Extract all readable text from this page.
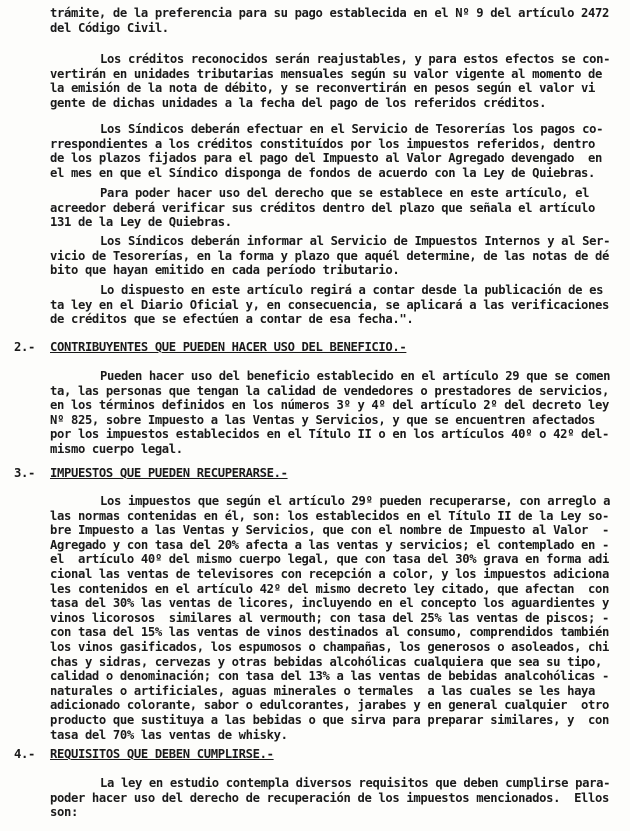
trámite, de la preferencia para su pago establecida en el Nº 9 del artículo 2472
del Código Civil.
Los créditos reconocidos serán reajustables, y para estos efectos se con-
vertirán en unidades tributarias mensuales según su valor vigente al momento de
la emisión de la nota de débito, y se reconvertirán en pesos según el valor vi
gente de dichas unidades a la fecha del pago de los referidos créditos.
Los Síndicos deberán efectuar en el Servicio de Tesorerías los pagos co-
rrespondientes a los créditos constituídos por los impuestos referidos, dentro
de los plazos fijados para el pago del Impuesto al Valor Agregado devengado  en
el mes en que el Síndico disponga de fondos de acuerdo con la Ley de Quiebras.
Para poder hacer uso del derecho que se establece en este artículo, el
acreedor deberá verificar sus créditos dentro del plazo que señala el artículo
131 de la Ley de Quiebras.
Los Síndicos deberán informar al Servicio de Impuestos Internos y al Ser-
vicio de Tesorerías, en la forma y plazo que aquél determine, de las notas de dé
bito que hayan emitido en cada período tributario.
Lo dispuesto en este artículo regirá a contar desde la publicación de es
ta ley en el Diario Oficial y, en consecuencia, se aplicará a las verificaciones
de créditos que se efectúen a contar de esa fecha.".
2.- CONTRIBUYENTES QUE PUEDEN HACER USO DEL BENEFICIO.-
Pueden hacer uso del beneficio establecido en el artículo 29 que se comen
ta, las personas que tengan la calidad de vendedores o prestadores de servicios,
en los términos definidos en los números 3º y 4º del artículo 2º del decreto ley
Nº 825, sobre Impuesto a las Ventas y Servicios, y que se encuentren afectados
por los impuestos establecidos en el Título II o en los artículos 40º o 42º del-
mismo cuerpo legal.
3.- IMPUESTOS QUE PUEDEN RECUPERARSE.-
Los impuestos que según el artículo 29º pueden recuperarse, con arreglo a
las normas contenidas en él, son: los establecidos en el Título II de la Ley so-
bre Impuesto a las Ventas y Servicios, que con el nombre de Impuesto al Valor  -
Agregado y con tasa del 20% afecta a las ventas y servicios; el contemplado en -
el  artículo 40º del mismo cuerpo legal, que con tasa del 30% grava en forma adi
cional las ventas de televisores con recepción a color, y los impuestos adiciona
les contenidos en el artículo 42º del mismo decreto ley citado, que afectan  con
tasa del 30% las ventas de licores, incluyendo en el concepto los aguardientes y
vinos licorosos  similares al vermouth; con tasa del 25% las ventas de piscos; -
con tasa del 15% las ventas de vinos destinados al consumo, comprendidos también
los vinos gasificados, los espumosos o champañas, los generosos o asoleados, chi
chas y sidras, cervezas y otras bebidas alcohólicas cualquiera que sea su tipo,
calidad o denominación; con tasa del 13% a las ventas de bebidas analcohólicas -
naturales o artificiales, aguas minerales o termales  a las cuales se les haya
adicionado colorante, sabor o edulcorantes, jarabes y en general cualquier  otro
producto que sustituya a las bebidas o que sirva para preparar similares, y  con
tasa del 70% las ventas de whisky.
4.- REQUISITOS QUE DEBEN CUMPLIRSE.-
La ley en estudio contempla diversos requisitos que deben cumplirse para-
poder hacer uso del derecho de recuperación de los impuestos mencionados.  Ellos
son:
